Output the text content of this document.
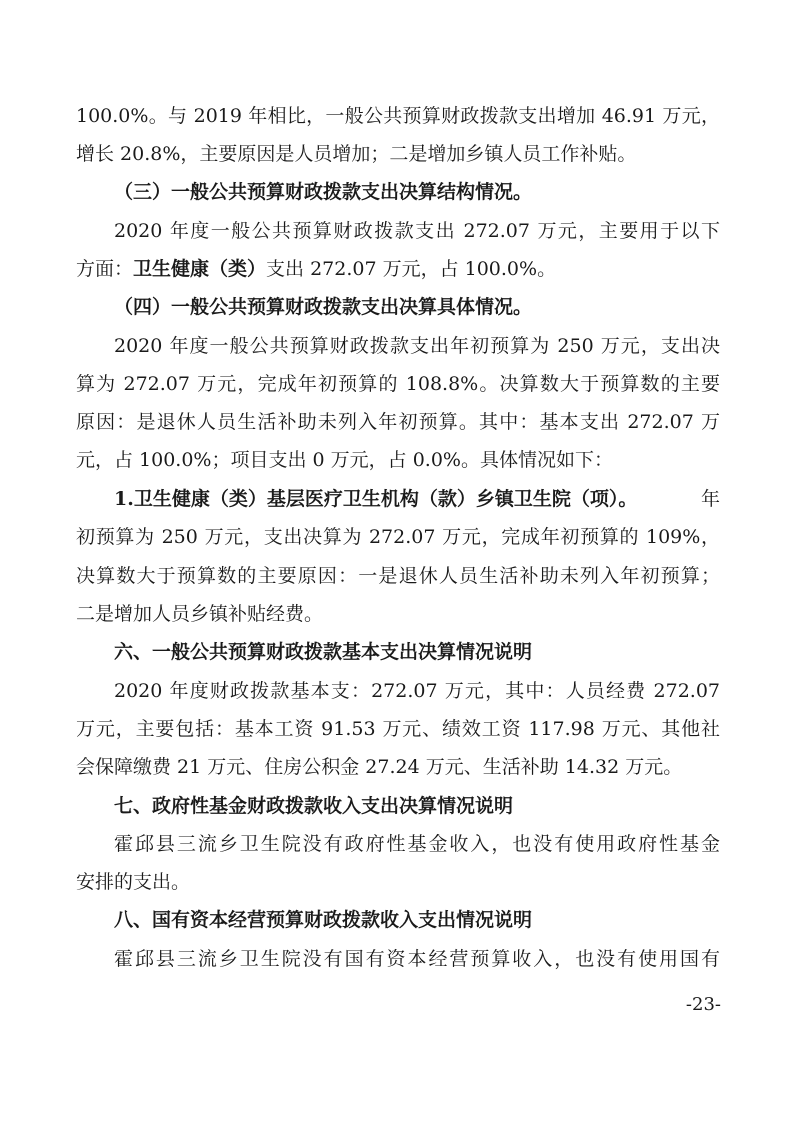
100.0%。与 2019 年相比，一般公共预算财政拨款支出增加 46.91 万元，
增长 20.8%，主要原因是人员增加；二是增加乡镇人员工作补贴。
（三）一般公共预算财政拨款支出决算结构情况。
2020 年度一般公共预算财政拨款支出 272.07 万元，主要用于以下
方面：卫生健康（类）支出 272.07 万元，占 100.0%。
（四）一般公共预算财政拨款支出决算具体情况。
2020 年度一般公共预算财政拨款支出年初预算为 250 万元，支出决
算为 272.07 万元，完成年初预算的 108.8%。决算数大于预算数的主要
原因：是退休人员生活补助未列入年初预算。其中：基本支出 272.07 万
元，占 100.0%；项目支出 0 万元，占 0.0%。具体情况如下：
1.卫生健康（类）基层医疗卫生机构（款）乡镇卫生院（项）。	年
初预算为 250 万元，支出决算为 272.07 万元，完成年初预算的 109%，
决算数大于预算数的主要原因：一是退休人员生活补助未列入年初预算；
二是增加人员乡镇补贴经费。
六、一般公共预算财政拨款基本支出决算情况说明
2020 年度财政拨款基本支：272.07 万元，其中：人员经费 272.07
万元，主要包括：基本工资 91.53 万元、绩效工资 117.98 万元、其他社
会保障缴费 21 万元、住房公积金 27.24 万元、生活补助 14.32 万元。
七、政府性基金财政拨款收入支出决算情况说明
霍邱县三流乡卫生院没有政府性基金收入，也没有使用政府性基金
安排的支出。
八、国有资本经营预算财政拨款收入支出情况说明
霍邱县三流乡卫生院没有国有资本经营预算收入，也没有使用国有
-23-
